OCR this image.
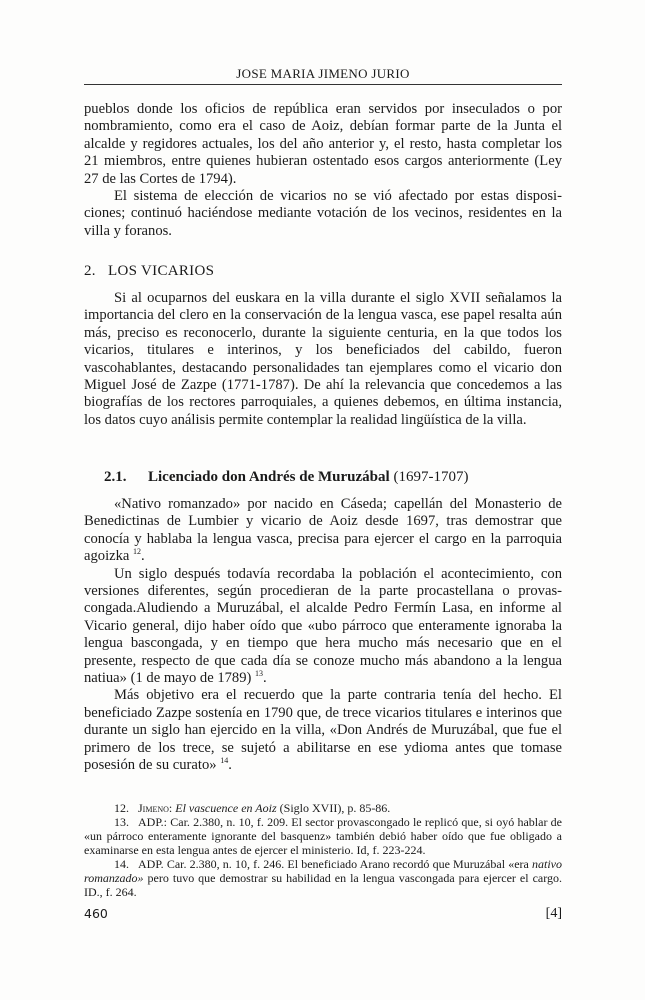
JOSE MARIA JIMENO JURIO

pueblos donde los oficios de república eran servidos por inseculados o por nombramiento, como era el caso de Aoiz, debían formar parte de la Junta el alcalde y regidores actuales, los del año anterior y, el resto, hasta completar los 21 miembros, entre quienes hubieran ostentado esos cargos anteriormente (Ley 27 de las Cortes de 1794).

El sistema de elección de vicarios no se vió afectado por estas disposiciones; continuó haciéndose mediante votación de los vecinos, residentes en la villa y foranos.

2. LOS VICARIOS

Si al ocuparnos del euskara en la villa durante el siglo XVII señalamos la importancia del clero en la conservación de la lengua vasca, ese papel resalta aún más, preciso es reconocerlo, durante la siguiente centuria, en la que todos los vicarios, titulares e interinos, y los beneficiados del cabildo, fueron vascohablantes, destacando personalidades tan ejemplares como el vicario don Miguel José de Zazpe (1771-1787). De ahí la relevancia que concedemos a las biografías de los rectores parroquiales, a quienes debemos, en última instancia, los datos cuyo análisis permite contemplar la realidad lingüística de la villa.

2.1. Licenciado don Andrés de Muruzábal (1697-1707)

«Nativo romanzado» por nacido en Cáseda; capellán del Monasterio de Benedictinas de Lumbier y vicario de Aoiz desde 1697, tras demostrar que conocía y hablaba la lengua vasca, precisa para ejercer el cargo en la parroquia agoizka $^{12}$.

Un siglo después todavía recordaba la población el acontecimiento, con versiones diferentes, según procedieran de la parte procastellana o provascongada.Aludiendo a Muruzábal, el alcalde Pedro Fermín Lasa, en informe al Vicario general, dijo haber oído que «ubo párroco que enteramente ignoraba la lengua bascongada, y en tiempo que hera mucho más necesario que en el presente, respecto de que cada día se conoze mucho más abandono a la lengua natiua» (1 de mayo de 1789) $^{13}$.

Más objetivo era el recuerdo que la parte contraria tenía del hecho. El beneficiado Zazpe sostenía en 1790 que, de trece vicarios titulares e interinos que durante un siglo han ejercido en la villa, «Don Andrés de Muruzábal, que fue el primero de los trece, se sujetó a abilitarse en ese ydioma antes que tomase posesión de su curato» $^{14}$.

12. Jimeno: El vascuence en Aoiz (Siglo XVII), p. 85-86.

13. ADP.: Car. 2.380, n. 10, f. 209. El sector provascongado le replicó que, si oyó hablar de «un párroco enteramente ignorante del basquenz» también debió haber oído que fue obligado a examinarse en esta lengua antes de ejercer el ministerio. Id, f. 223-224.

14. ADP. Car. 2.380, n. 10, f. 246. El beneficiado Arano recordó que Muruzábal «era nativo romanzado» pero tuvo que demostrar su habilidad en la lengua vascongada para ejercer el cargo. ID., f. 264.

460	[4]
